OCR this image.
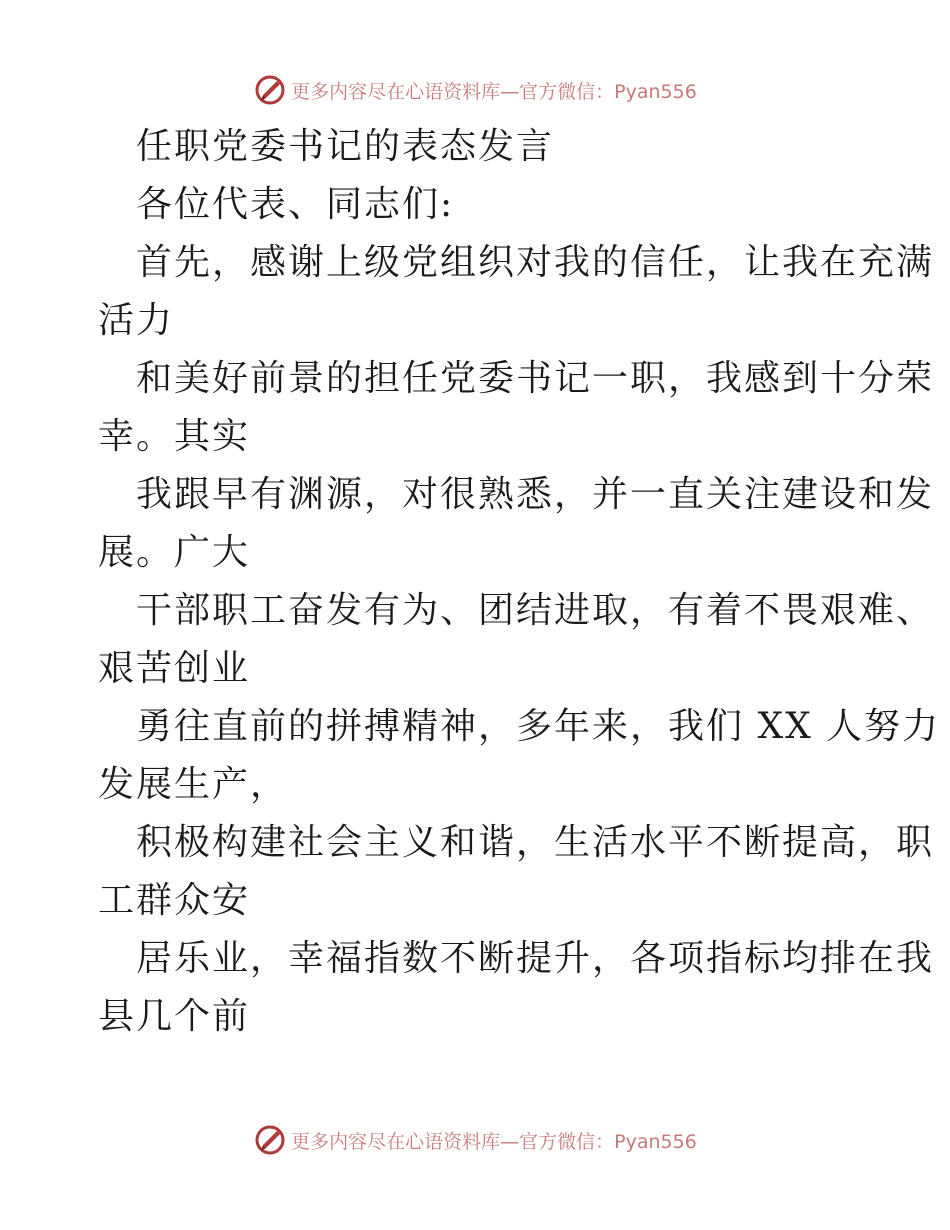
更多内容尽在心语资料库—官方微信：Pyan556
任职党委书记的表态发言
各位代表、同志们:
首先，感谢上级党组织对我的信任，让我在充满
活力
和美好前景的担任党委书记一职，我感到十分荣
幸。其实
我跟早有渊源，对很熟悉，并一直关注建设和发
展。广大
干部职工奋发有为、团结进取，有着不畏艰难、
艰苦创业
勇往直前的拼搏精神，多年来，我们 XX 人努力
发展生产，
积极构建社会主义和谐，生活水平不断提高，职
工群众安
居乐业，幸福指数不断提升，各项指标均排在我
县几个前
更多内容尽在心语资料库—官方微信：Pyan556
